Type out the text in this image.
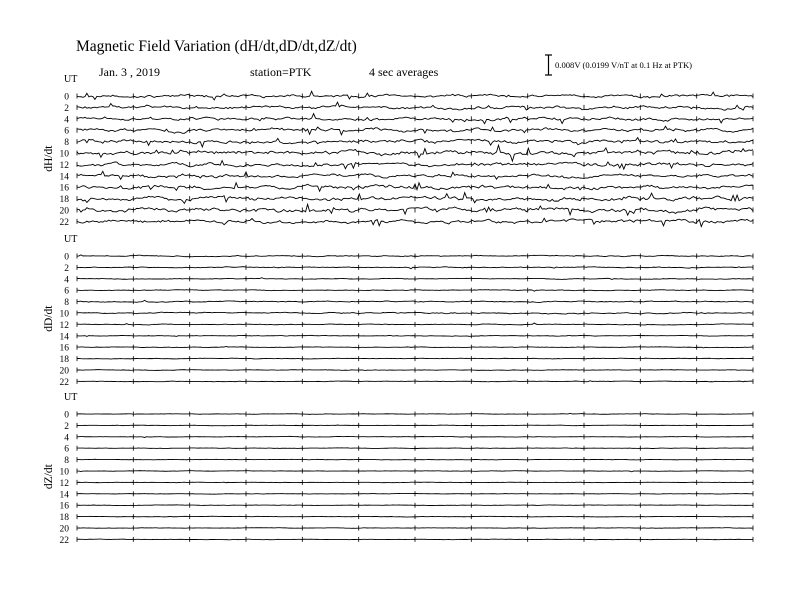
Magnetic Field Variation (dH/dt,dD/dt,dZ/dt)
Jan. 3 , 2019	station=PTK	4 sec averages	0.008V (0.0199 V/nT at 0.1 Hz at PTK)
UT
dH/dt
0
2
4
6
8
10
12
14
16
18
20
22
UT
dD/dt
0
2
4
6
8
10
12
14
16
18
20
22
UT
dZ/dt
0
2
4
6
8
10
12
14
16
18
20
22
